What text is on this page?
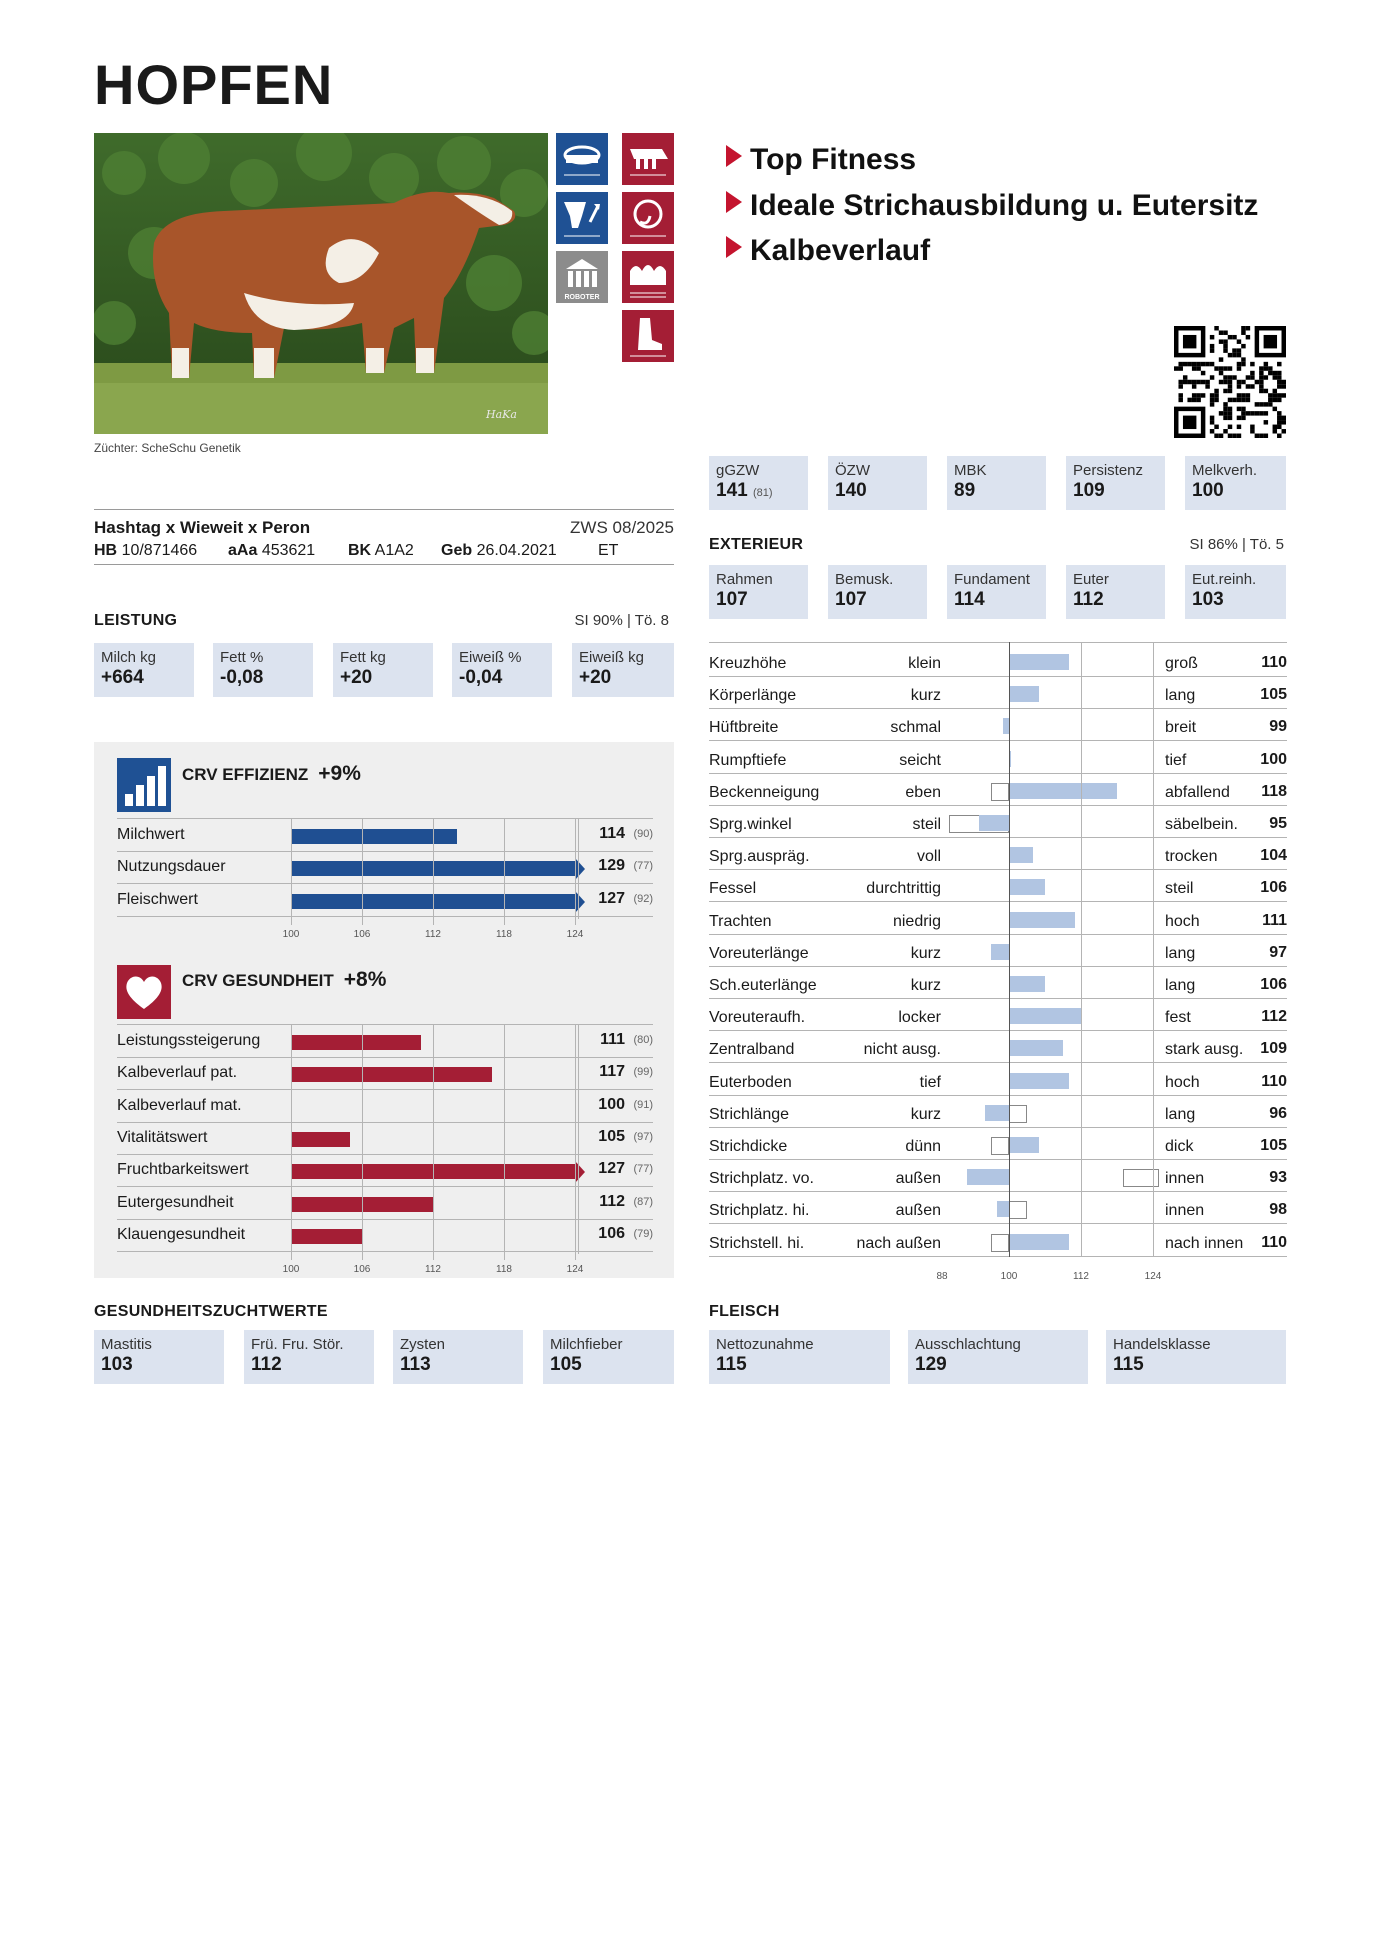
HOPFEN
HaKa
Züchter: ScheSchu Genetik
ROBOTER
Top Fitness
Ideale Strichausbildung u. Eutersitz
Kalbeverlauf
Hashtag x Wieweit x Peron	ZWS 08/2025
HB 10/871466 aAa 453621 BK A1A2 Geb 26.04.2021	ET
gGZW
141 (81)
ÖZW
140
MBK
89
Persistenz
109
Melkverh.
100
LEISTUNG	SI 90% | Tö. 8
Milch kg
+664
Fett %
-0,08
Fett kg
+20
Eiweiß %
-0,04
Eiweiß kg
+20
EXTERIEUR	SI 86% | Tö. 5
Rahmen
107
Bemusk.
107
Fundament
114
Euter
112
Eut.reinh.
103
CRV EFFIZIENZ +9%
Milchwert	114 (90)
Nutzungsdauer	129 (77)
Fleischwert	127 (92)
100	106	112	118	124
CRV GESUNDHEIT +8%
Leistungssteigerung	111 (80)
Kalbeverlauf pat.	117 (99)
Kalbeverlauf mat.	100 (91)
Vitalitätswert	105 (97)
Fruchtbarkeitswert	127 (77)
Eutergesundheit	112 (87)
Klauengesundheit	106 (79)
100	106	112	118	124
Kreuzhöhe	klein	groß	110
Körperlänge	kurz	lang	105
Hüftbreite	schmal	breit	99
Rumpftiefe	seicht	tief	100
Beckenneigung	eben	abfallend 118
Sprg.winkel	steil	säbelbein. 95
Sprg.auspräg.	voll	trocken	104
Fessel	durchtrittig	steil	106
Trachten	niedrig	hoch	111
Voreuterlänge	kurz	lang	97
Sch.euterlänge	kurz	lang	106
Voreuteraufh.	locker	fest	112
Zentralband	nicht ausg.	stark ausg. 109
Euterboden	tief	hoch	110
Strichlänge	kurz	lang	96
Strichdicke	dünn	dick	105
Strichplatz. vo.	außen	innen	93
Strichplatz. hi.	außen	innen	98
Strichstell. hi.	nach außen	nach innen 110
88	100	112	124
GESUNDHEITSZUCHTWERTE
Mastitis
103
Frü. Fru. Stör.
112
Zysten
113
Milchfieber
105
FLEISCH
Nettozunahme
115
Ausschlachtung
129
Handelsklasse
115
